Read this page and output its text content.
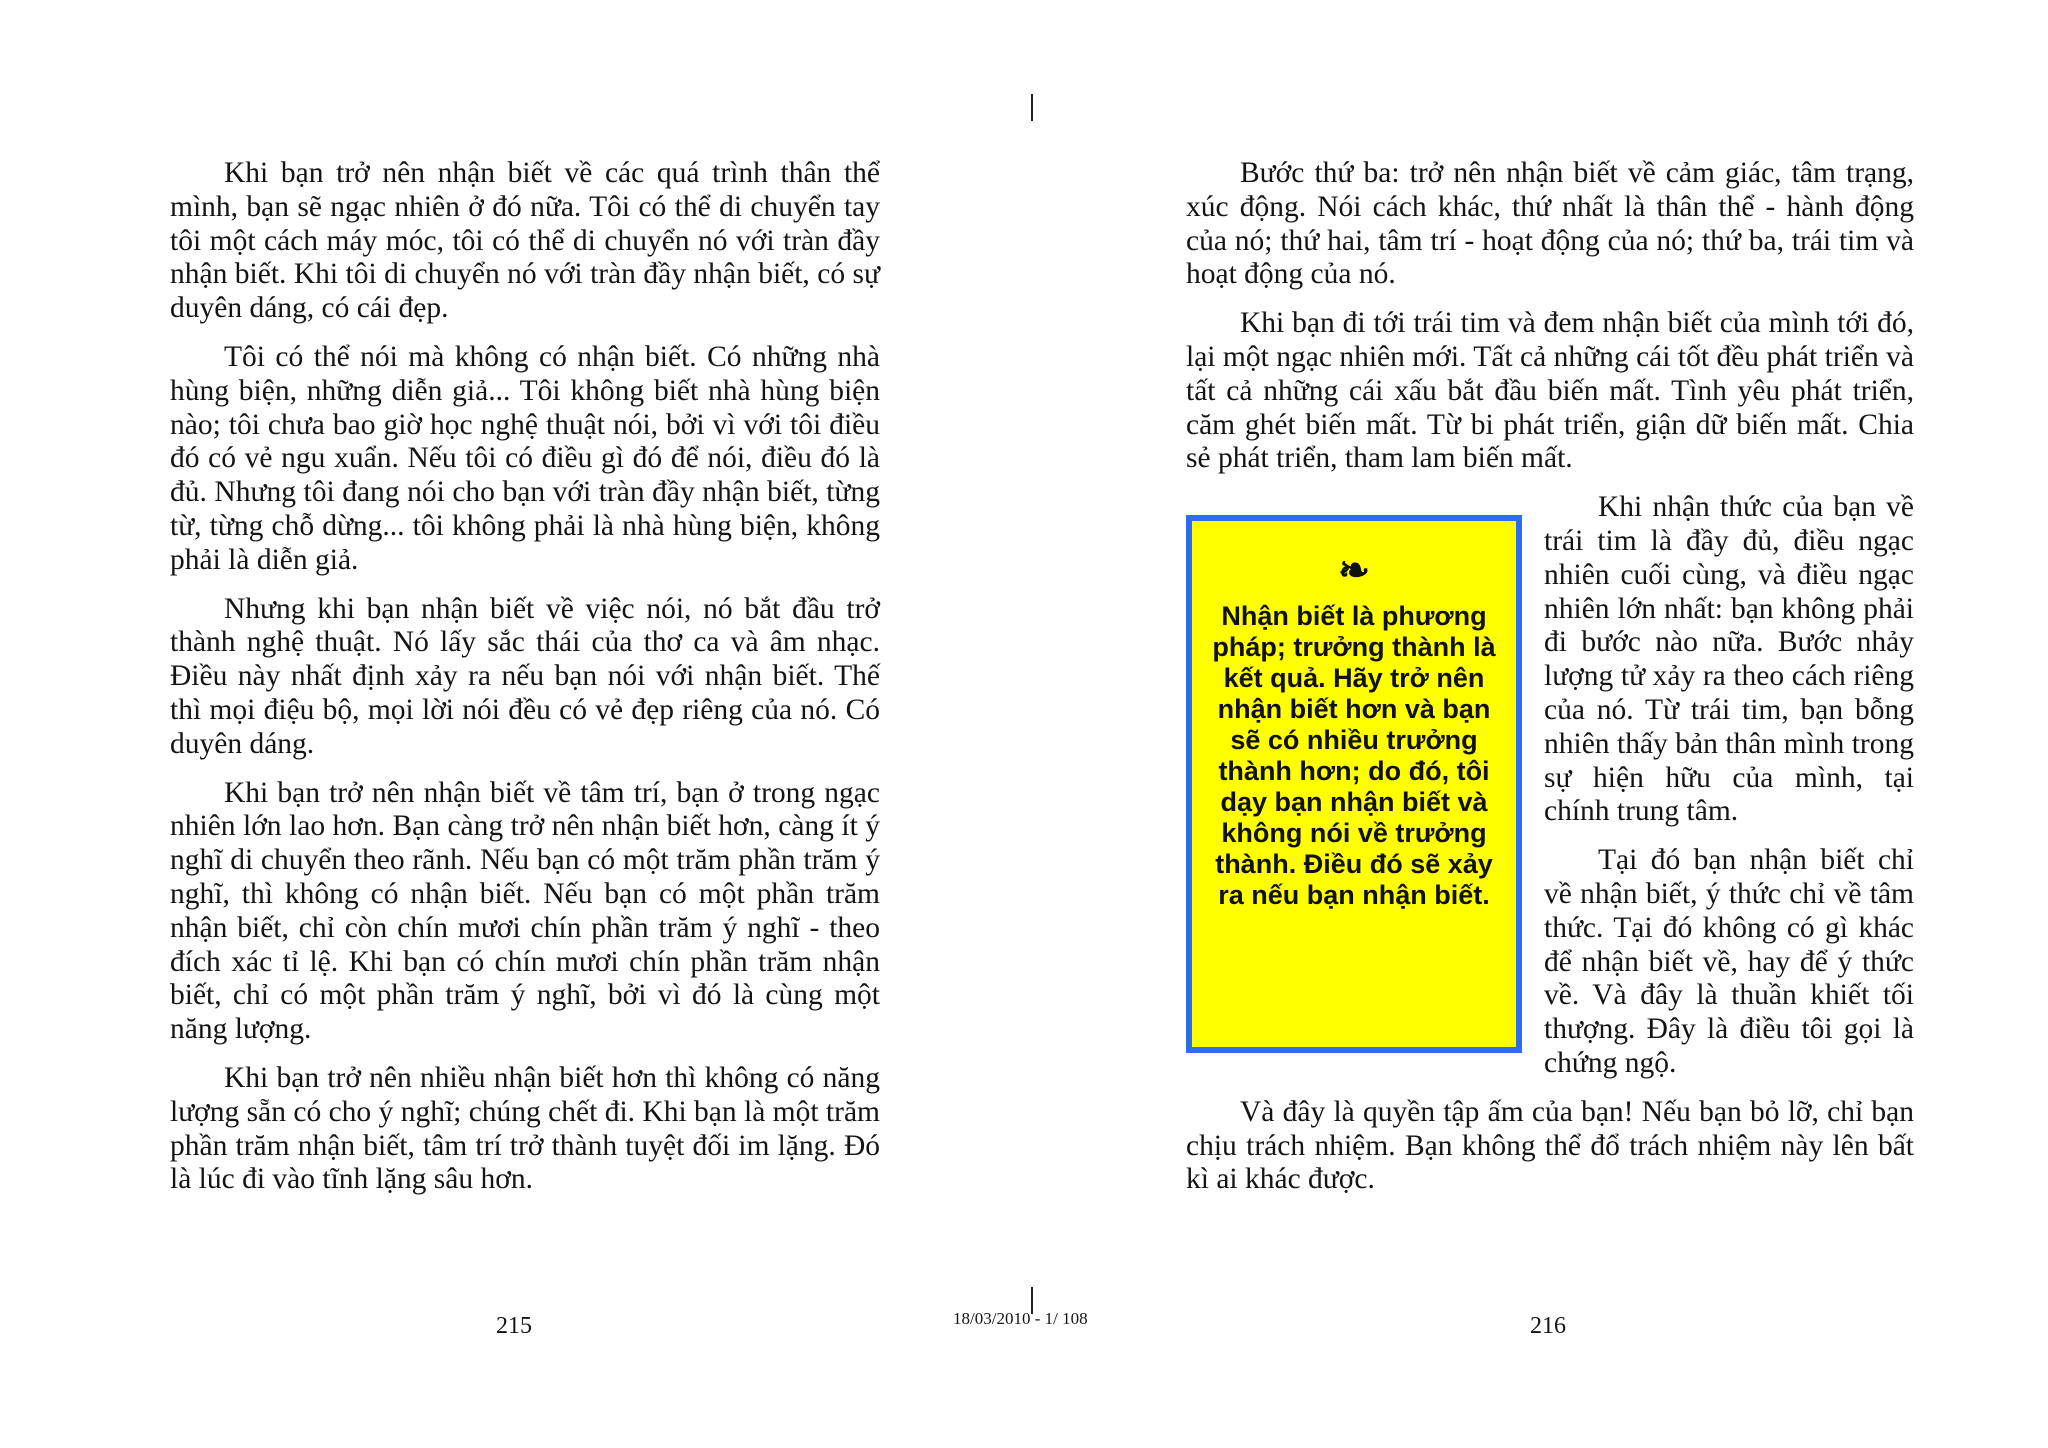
Khi bạn trở nên nhận biết về các quá trình thân thể mình, bạn sẽ ngạc nhiên ở đó nữa. Tôi có thể di chuyển tay tôi một cách máy móc, tôi có thể di chuyển nó với tràn đầy nhận biết. Khi tôi di chuyển nó với tràn đầy nhận biết, có sự duyên dáng, có cái đẹp.

Tôi có thể nói mà không có nhận biết. Có những nhà hùng biện, những diễn giả... Tôi không biết nhà hùng biện nào; tôi chưa bao giờ học nghệ thuật nói, bởi vì với tôi điều đó có vẻ ngu xuẩn. Nếu tôi có điều gì đó để nói, điều đó là đủ. Nhưng tôi đang nói cho bạn với tràn đầy nhận biết, từng từ, từng chỗ dừng... tôi không phải là nhà hùng biện, không phải là diễn giả.

Nhưng khi bạn nhận biết về việc nói, nó bắt đầu trở thành nghệ thuật. Nó lấy sắc thái của thơ ca và âm nhạc. Điều này nhất định xảy ra nếu bạn nói với nhận biết. Thế thì mọi điệu bộ, mọi lời nói đều có vẻ đẹp riêng của nó. Có duyên dáng.

Khi bạn trở nên nhận biết về tâm trí, bạn ở trong ngạc nhiên lớn lao hơn. Bạn càng trở nên nhận biết hơn, càng ít ý nghĩ di chuyển theo rãnh. Nếu bạn có một trăm phần trăm ý nghĩ, thì không có nhận biết. Nếu bạn có một phần trăm nhận biết, chỉ còn chín mươi chín phần trăm ý nghĩ - theo đích xác tỉ lệ. Khi bạn có chín mươi chín phần trăm nhận biết, chỉ có một phần trăm ý nghĩ, bởi vì đó là cùng một năng lượng.

Khi bạn trở nên nhiều nhận biết hơn thì không có năng lượng sẵn có cho ý nghĩ; chúng chết đi. Khi bạn là một trăm phần trăm nhận biết, tâm trí trở thành tuyệt đối im lặng. Đó là lúc đi vào tĩnh lặng sâu hơn.

Bước thứ ba: trở nên nhận biết về cảm giác, tâm trạng, xúc động. Nói cách khác, thứ nhất là thân thể - hành động của nó; thứ hai, tâm trí - hoạt động của nó; thứ ba, trái tim và hoạt động của nó.

Khi bạn đi tới trái tim và đem nhận biết của mình tới đó, lại một ngạc nhiên mới. Tất cả những cái tốt đều phát triển và tất cả những cái xấu bắt đầu biến mất. Tình yêu phát triển, căm ghét biến mất. Từ bi phát triển, giận dữ biến mất. Chia sẻ phát triển, tham lam biến mất.

❧
Nhận biết là phương pháp; trưởng thành là kết quả. Hãy trở nên nhận biết hơn và bạn sẽ có nhiều trưởng thành hơn; do đó, tôi dạy bạn nhận biết và không nói về trưởng thành. Điều đó sẽ xảy ra nếu bạn nhận biết.

Khi nhận thức của bạn về trái tim là đầy đủ, điều ngạc nhiên cuối cùng, và điều ngạc nhiên lớn nhất: bạn không phải đi bước nào nữa. Bước nhảy lượng tử xảy ra theo cách riêng của nó. Từ trái tim, bạn bỗng nhiên thấy bản thân mình trong sự hiện hữu của mình, tại chính trung tâm.

Tại đó bạn nhận biết chỉ về nhận biết, ý thức chỉ về tâm thức. Tại đó không có gì khác để nhận biết về, hay để ý thức về. Và đây là thuần khiết tối thượng. Đây là điều tôi gọi là chứng ngộ.

Và đây là quyền tập ấm của bạn! Nếu bạn bỏ lỡ, chỉ bạn chịu trách nhiệm. Bạn không thể đổ trách nhiệm này lên bất kì ai khác được.

215	18/03/2010 - 1/ 108	216
